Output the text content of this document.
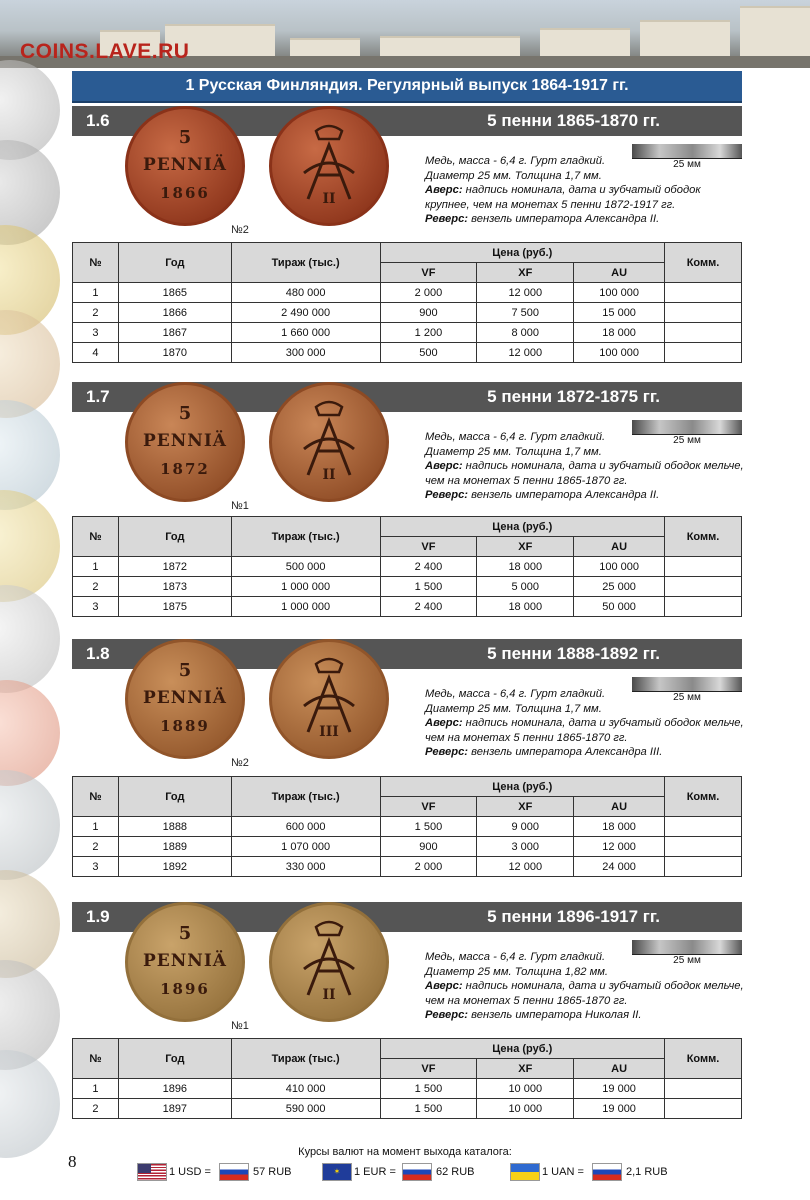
COINS.LAVE.RU
1 Русская Финляндия. Регулярный выпуск 1864-1917 гг.
1.6	5 пенни 1865-1870 гг.
5
PENNIÄ
1866	II
№2
Медь, масса - 6,4 г. Гурт гладкий.
Диаметр 25 мм. Толщина 1,7 мм.
Аверс: надпись номинала, дата и зубчатый ободок крупнее, чем на монетах 5 пенни 1872-1917 гг.
Реверс: вензель императора Александра II.
25 мм
№	Год	Тираж (тыс.)	Цена (руб.)			Комм.
			VF	XF	AU	
1	1865	480 000	2 000	12 000	100 000	
2	1866	2 490 000	900	7 500	15 000	
3	1867	1 660 000	1 200	8 000	18 000	
4	1870	300 000	500	12 000	100 000	
1.7	5 пенни 1872-1875 гг.
5
PENNIÄ
1872	II
№1
Медь, масса - 6,4 г. Гурт гладкий.
Диаметр 25 мм. Толщина 1,7 мм.
Аверс: надпись номинала, дата и зубчатый ободок мельче, чем на монетах 5 пенни 1865-1870 гг.
Реверс: вензель императора Александра II.
25 мм
№	Год	Тираж (тыс.)	Цена (руб.)			Комм.
			VF	XF	AU	
1	1872	500 000	2 400	18 000	100 000	
2	1873	1 000 000	1 500	5 000	25 000	
3	1875	1 000 000	2 400	18 000	50 000	
1.8	5 пенни 1888-1892 гг.
5
PENNIÄ
1889	III
№2
Медь, масса - 6,4 г. Гурт гладкий.
Диаметр 25 мм. Толщина 1,7 мм.
Аверс: надпись номинала, дата и зубчатый ободок мельче, чем на монетах 5 пенни 1865-1870 гг.
Реверс: вензель императора Александра III.
25 мм
№	Год	Тираж (тыс.)	Цена (руб.)			Комм.
			VF	XF	AU	
1	1888	600 000	1 500	9 000	18 000	
2	1889	1 070 000	900	3 000	12 000	
3	1892	330 000	2 000	12 000	24 000	
1.9	5 пенни 1896-1917 гг.
5
PENNIÄ
1896	II
№1
Медь, масса - 6,4 г. Гурт гладкий.
Диаметр 25 мм. Толщина 1,82 мм.
Аверс: надпись номинала, дата и зубчатый ободок мельче, чем на монетах 5 пенни 1865-1870 гг.
Реверс: вензель императора Николая II.
25 мм
№	Год	Тираж (тыс.)	Цена (руб.)			Комм.
			VF	XF	AU	
1	1896	410 000	1 500	10 000	19 000	
2	1897	590 000	1 500	10 000	19 000	
Курсы валют на момент выхода каталога:
8
1 USD =	57 RUB	✶	1 EUR =	62 RUB	1 UAN =	2,1 RUB
